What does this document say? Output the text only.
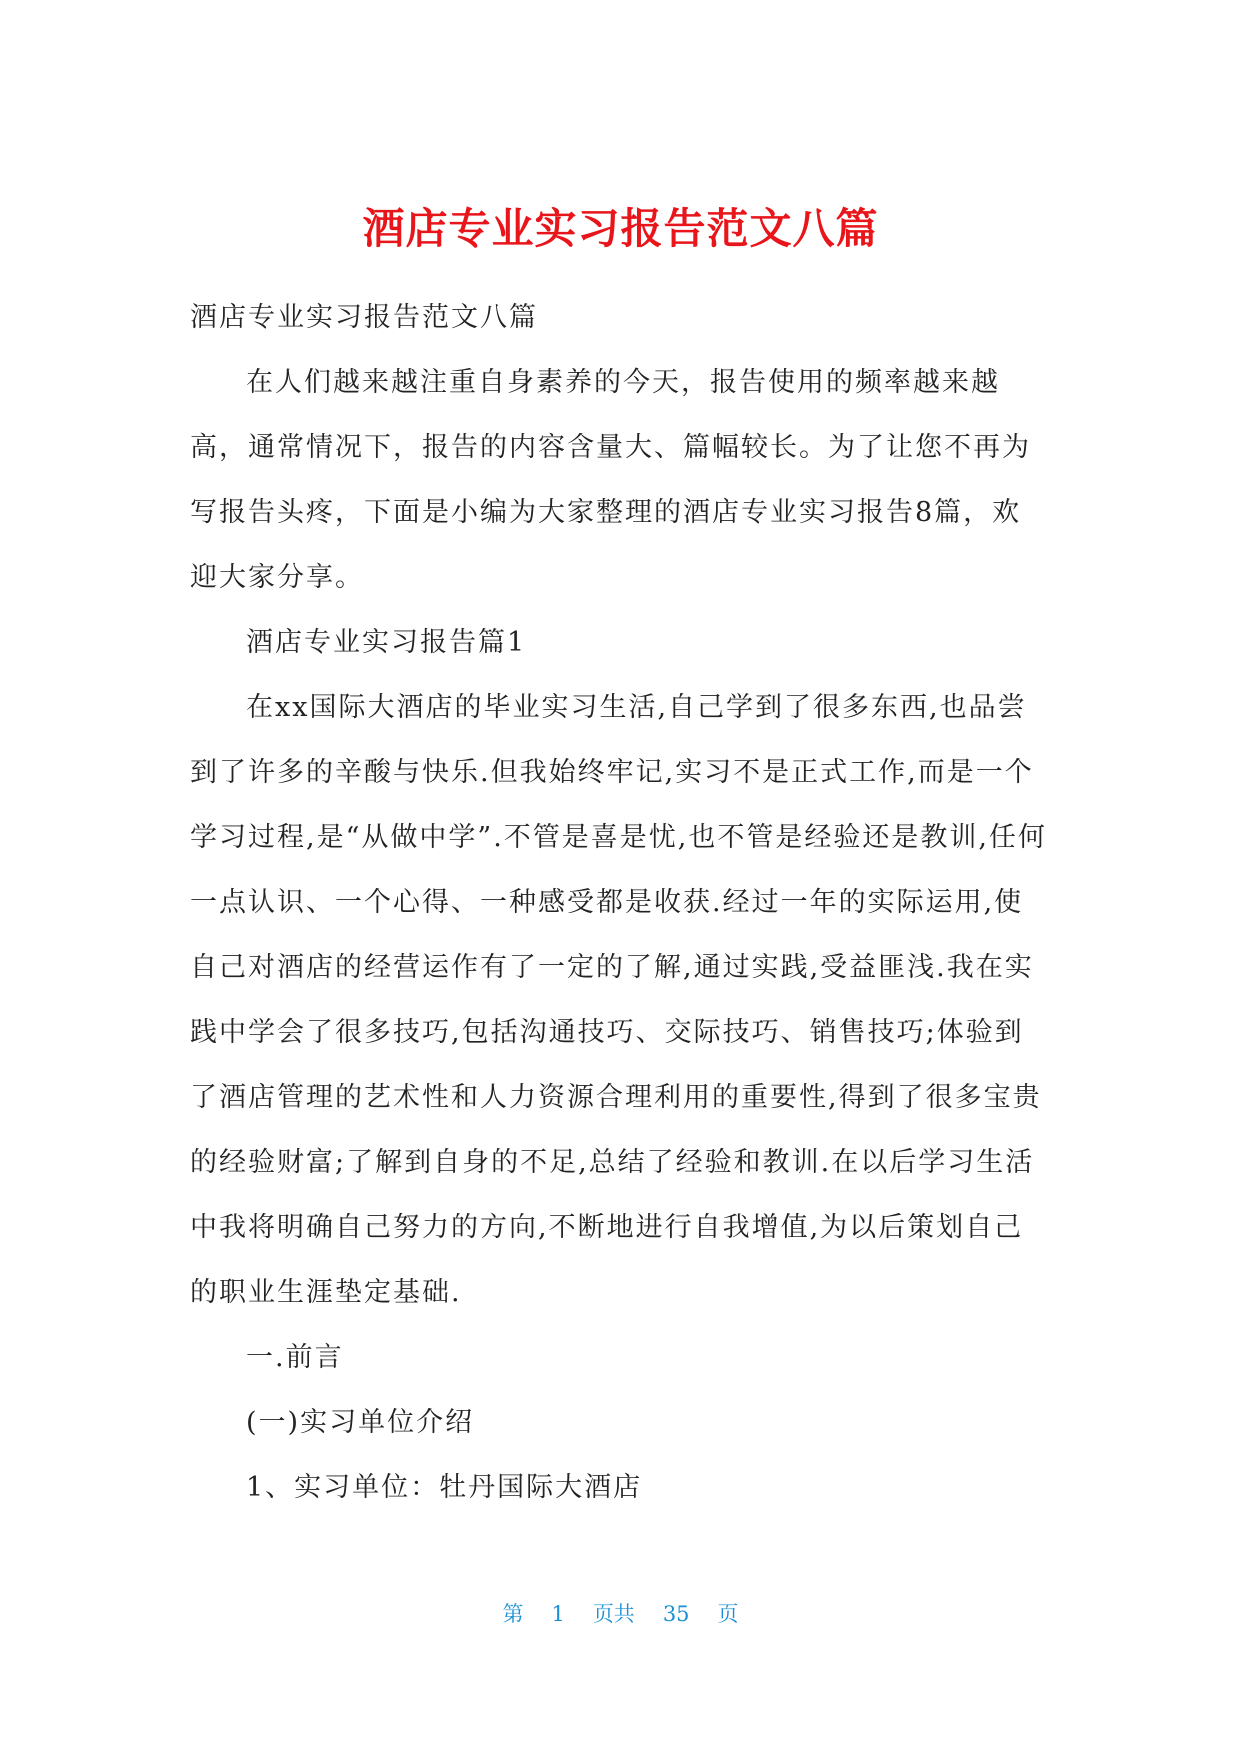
酒店专业实习报告范文八篇

酒店专业实习报告范文八篇

在人们越来越注重自身素养的今天，报告使用的频率越来越高，通常情况下，报告的内容含量大、篇幅较长。为了让您不再为写报告头疼，下面是小编为大家整理的酒店专业实习报告8篇，欢迎大家分享。

酒店专业实习报告篇1

在xx国际大酒店的毕业实习生活,自己学到了很多东西,也品尝到了许多的辛酸与快乐.但我始终牢记,实习不是正式工作,而是一个学习过程,是“从做中学”.不管是喜是忧,也不管是经验还是教训,任何一点认识、一个心得、一种感受都是收获.经过一年的实际运用,使自己对酒店的经营运作有了一定的了解,通过实践,受益匪浅.我在实践中学会了很多技巧,包括沟通技巧、交际技巧、销售技巧;体验到了酒店管理的艺术性和人力资源合理利用的重要性,得到了很多宝贵的经验财富;了解到自身的不足,总结了经验和教训.在以后学习生活中我将明确自己努力的方向,不断地进行自我增值,为以后策划自己的职业生涯垫定基础.

一.前言

(一)实习单位介绍

1、实习单位：牡丹国际大酒店

第 1 页共 35 页
